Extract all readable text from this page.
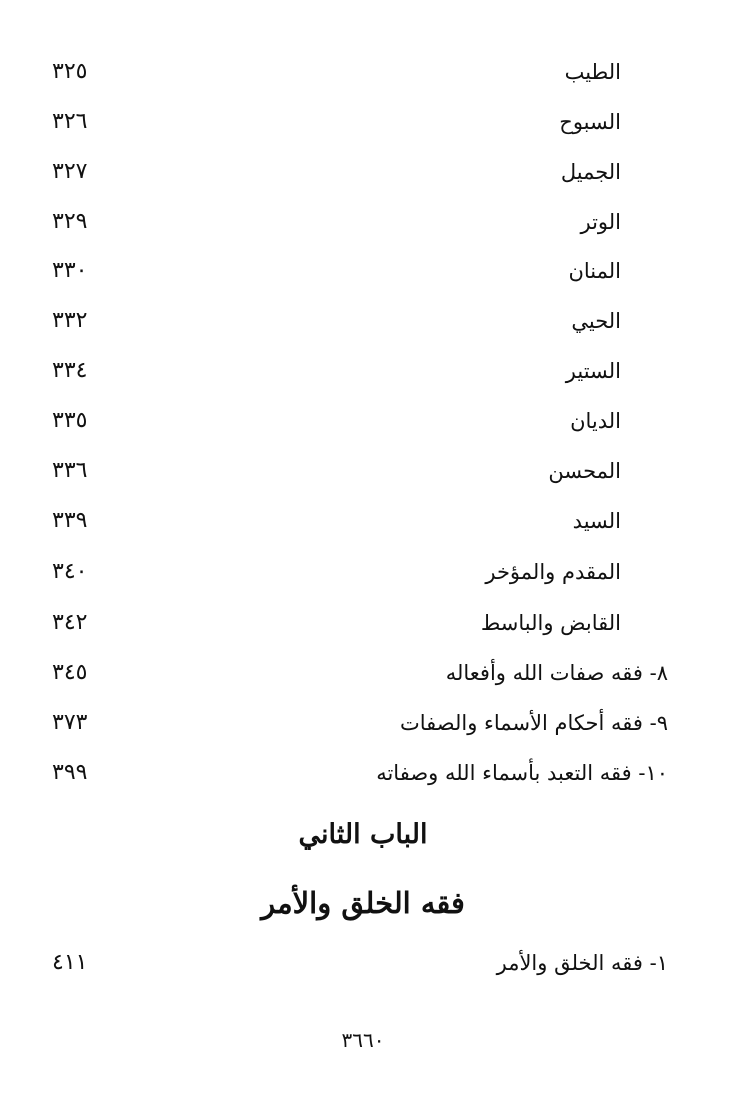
الطيب
٣٢٥
السبوح
٣٢٦
الجميل
٣٢٧
الوتر
٣٢٩
المنان
٣٣٠
الحيي
٣٣٢
الستير
٣٣٤
الديان
٣٣٥
المحسن
٣٣٦
السيد
٣٣٩
المقدم والمؤخر
٣٤٠
القابض والباسط
٣٤٢
٨- فقه صفات الله وأفعاله
٣٤٥
٩- فقه أحكام الأسماء والصفات
٣٧٣
١٠- فقه التعبد بأسماء الله وصفاته
٣٩٩
الباب الثاني
فقه الخلق والأمر
١- فقه الخلق والأمر
٤١١
٣٦٦٠
